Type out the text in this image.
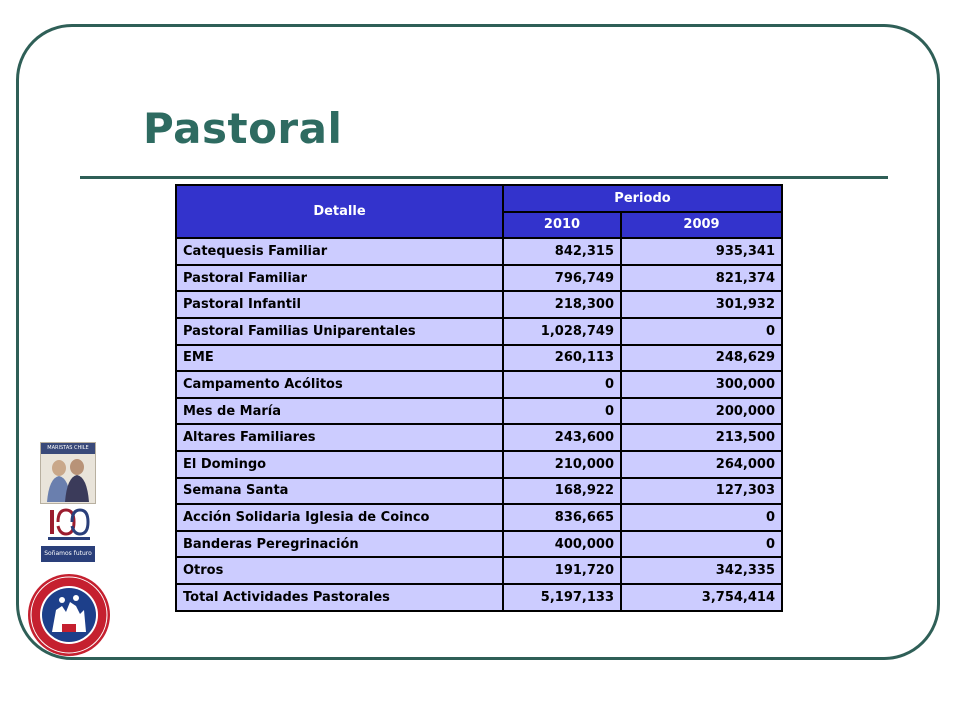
Pastoral
Detalle	Periodo	
	2010	2009
Catequesis Familiar	842,315	935,341
Pastoral Familiar	796,749	821,374
Pastoral Infantil	218,300	301,932
Pastoral Familias Uniparentales	1,028,749	0
EME	260,113	248,629
Campamento Acólitos	0	300,000
Mes de María	0	200,000
Altares Familiares	243,600	213,500
El Domingo	210,000	264,000
Semana Santa	168,922	127,303
Acción Solidaria Iglesia de Coinco	836,665	0
Banderas Peregrinación	400,000	0
Otros	191,720	342,335
Total Actividades Pastorales	5,197,133	3,754,414
MARISTAS CHILE
Soñamos futuro
